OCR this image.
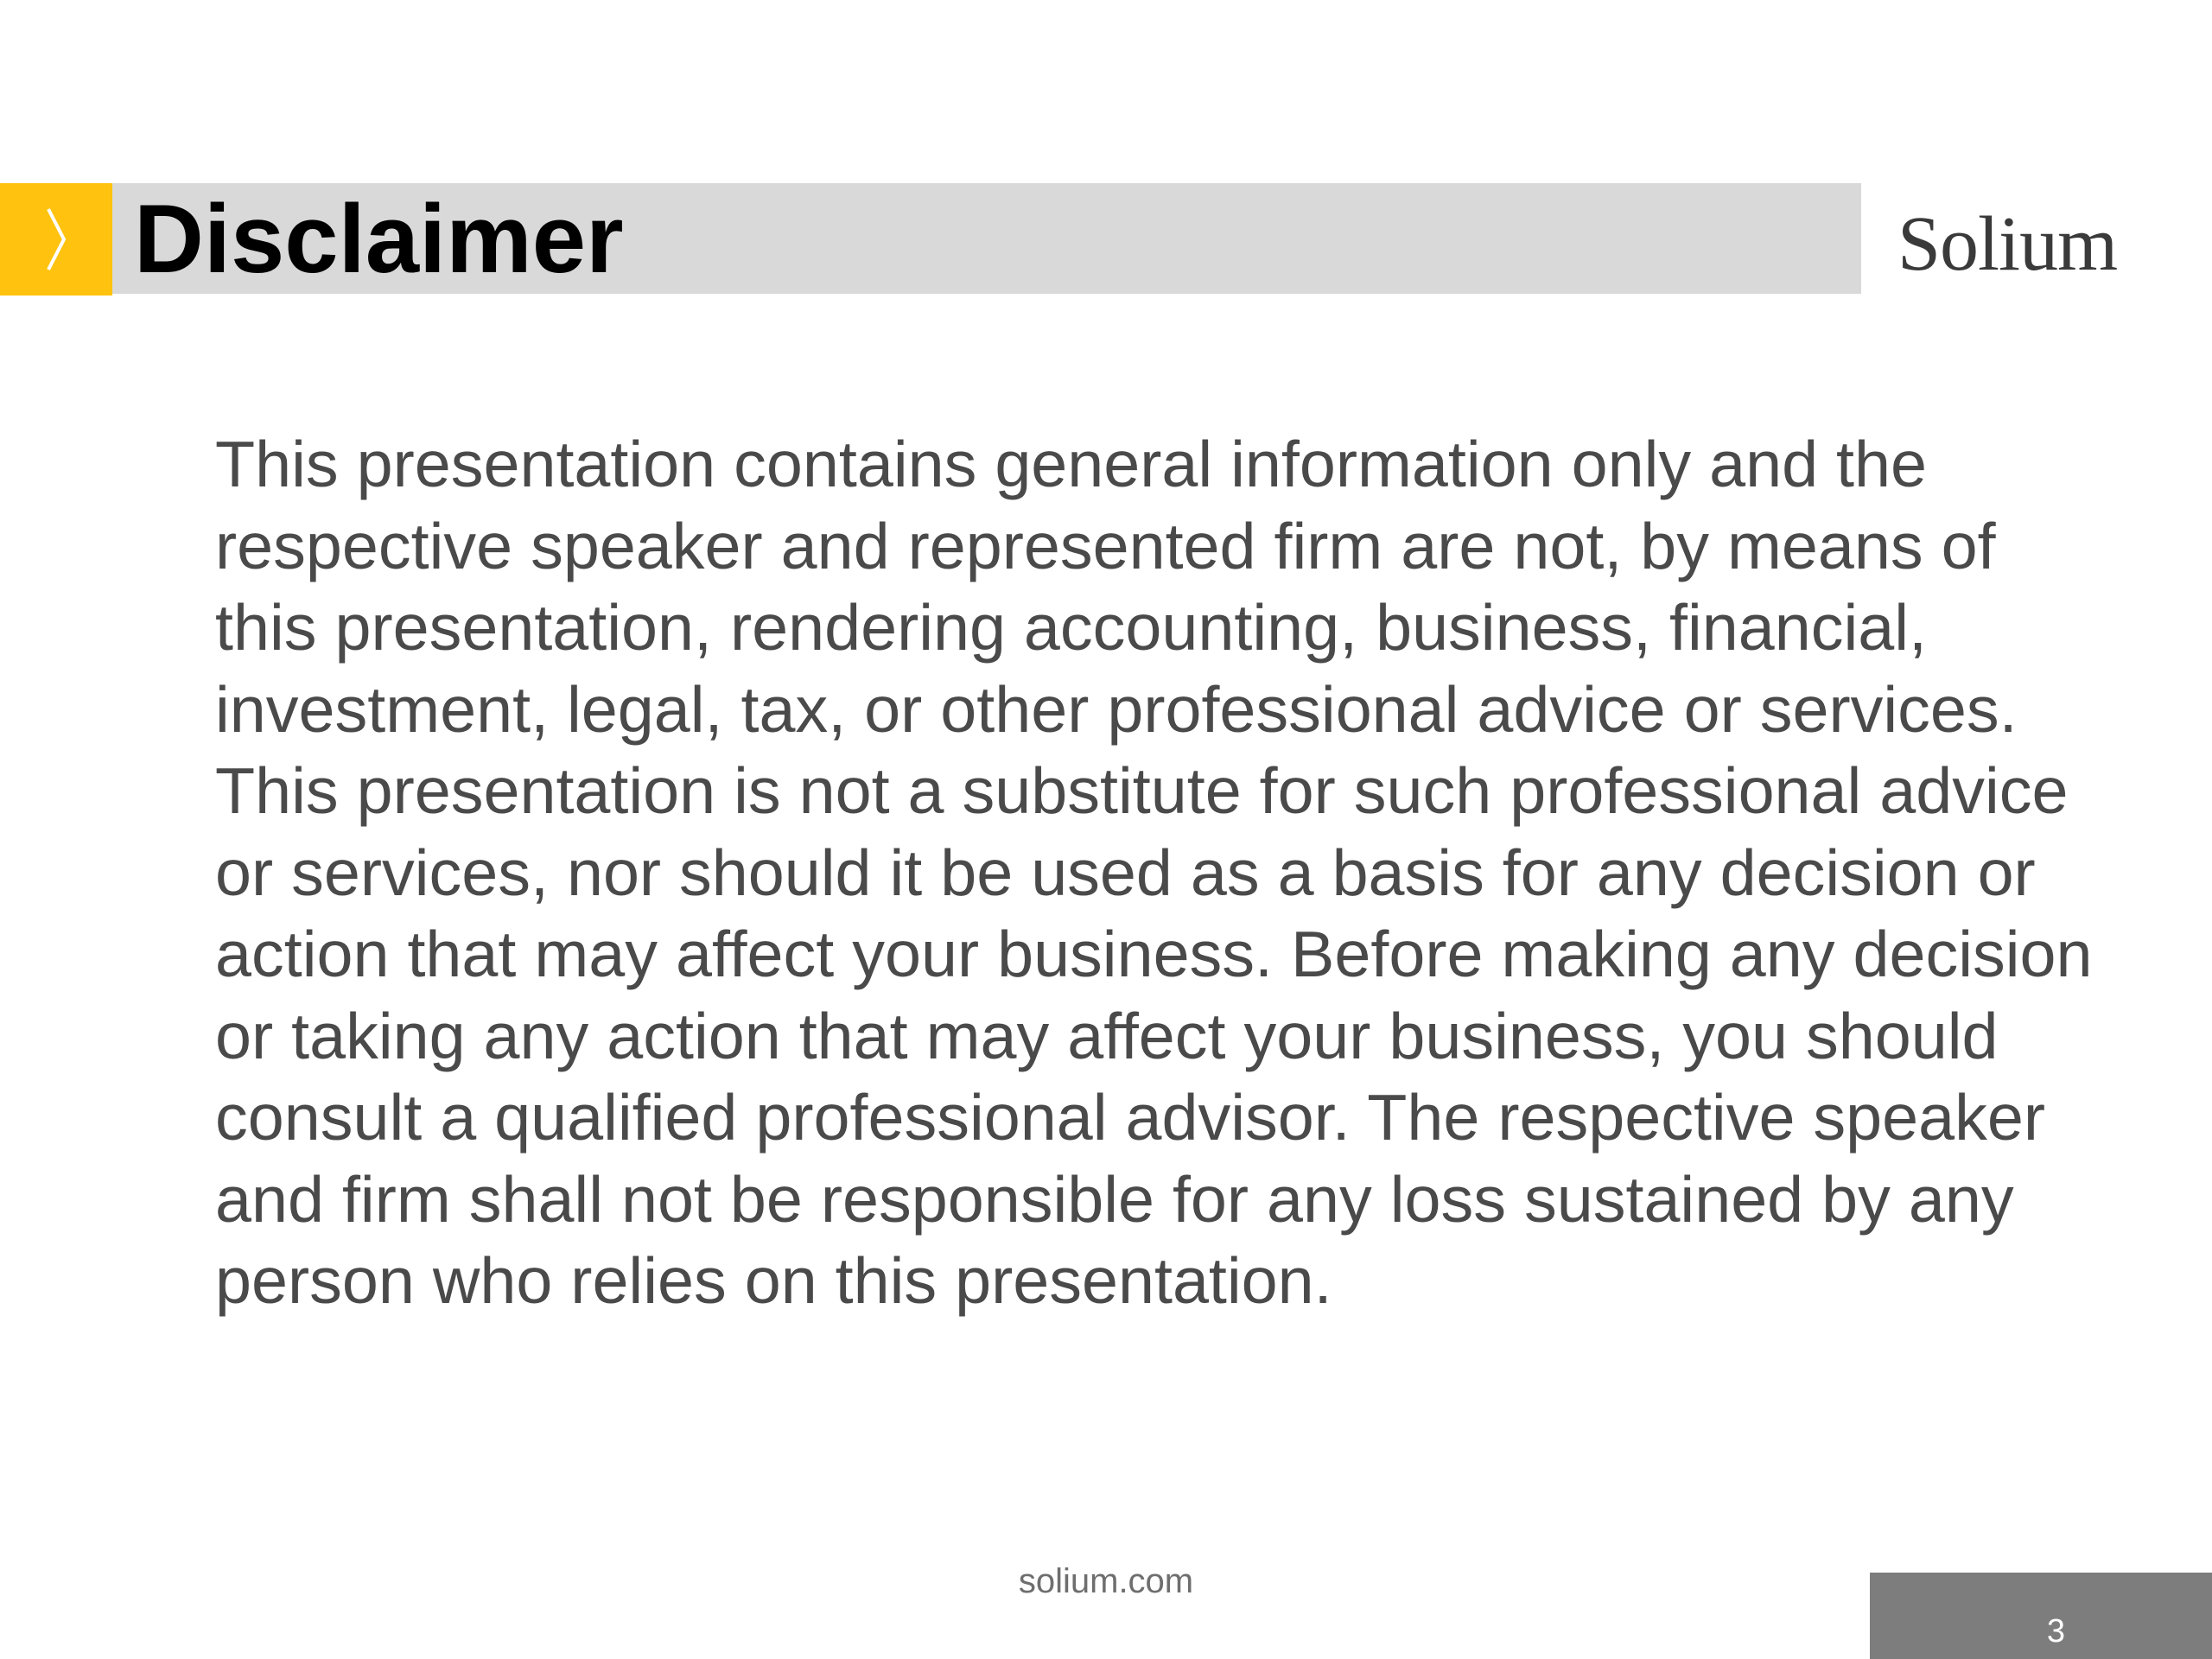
Disclaimer	Solium

This presentation contains general information only and the respective speaker and represented firm are not, by means of this presentation, rendering accounting, business, financial, investment, legal, tax, or other professional advice or services. This presentation is not a substitute for such professional advice or services, nor should it be used as a basis for any decision or action that may affect your business. Before making any decision or taking any action that may affect your business, you should consult a qualified professional advisor. The respective speaker and firm shall not be responsible for any loss sustained by any person who relies on this presentation.

solium.com
3
